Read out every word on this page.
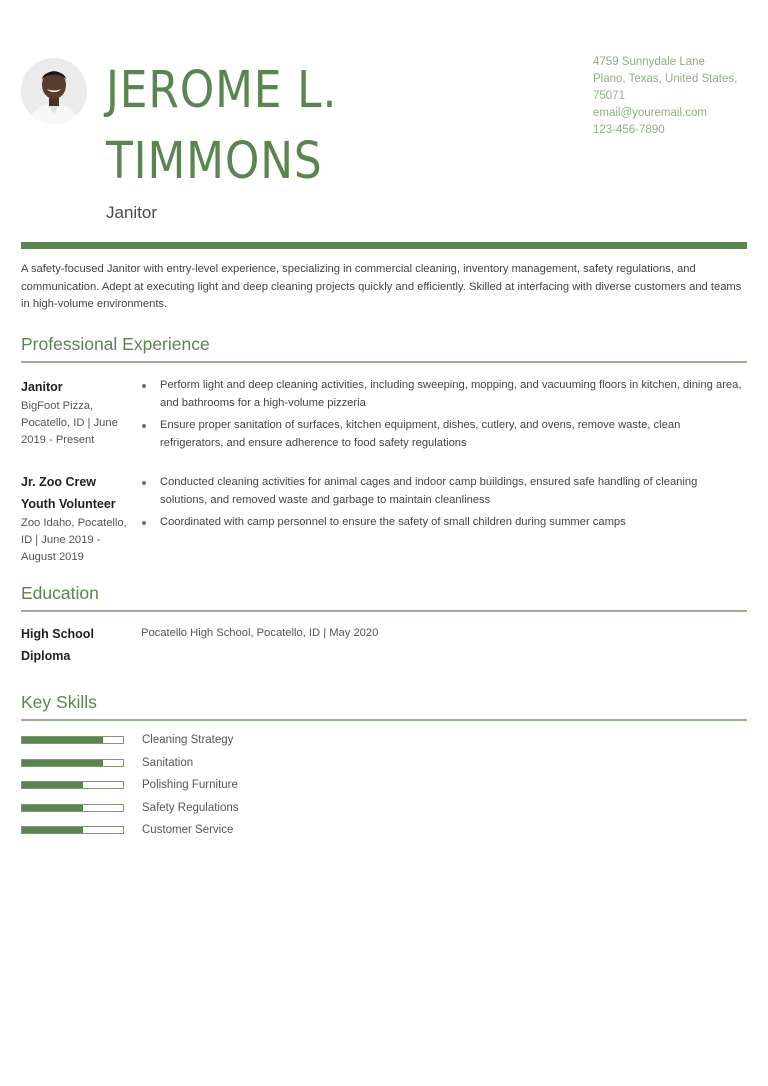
JEROME L.
TIMMONS
Janitor
4759 Sunnydale Lane
Plano, Texas, United States,
75071
email@youremail.com
123-456-7890
A safety-focused Janitor with entry-level experience, specializing in commercial cleaning, inventory management, safety regulations, and communication. Adept at executing light and deep cleaning projects quickly and efficiently. Skilled at interfacing with diverse customers and teams in high-volume environments.
Professional Experience
Janitor
BigFoot Pizza, Pocatello, ID | June 2019 - Present
Perform light and deep cleaning activities, including sweeping, mopping, and vacuuming floors in kitchen, dining area, and bathrooms for a high-volume pizzeria
Ensure proper sanitation of surfaces, kitchen equipment, dishes, cutlery, and ovens, remove waste, clean refrigerators, and ensure adherence to food safety regulations
Jr. Zoo Crew Youth Volunteer
Zoo Idaho, Pocatello, ID | June 2019 - August 2019
Conducted cleaning activities for animal cages and indoor camp buildings, ensured safe handling of cleaning solutions, and removed waste and garbage to maintain cleanliness
Coordinated with camp personnel to ensure the safety of small children during summer camps
Education
High School Diploma
Pocatello High School, Pocatello, ID | May 2020
Key Skills
Cleaning Strategy
Sanitation
Polishing Furniture
Safety Regulations
Customer Service
